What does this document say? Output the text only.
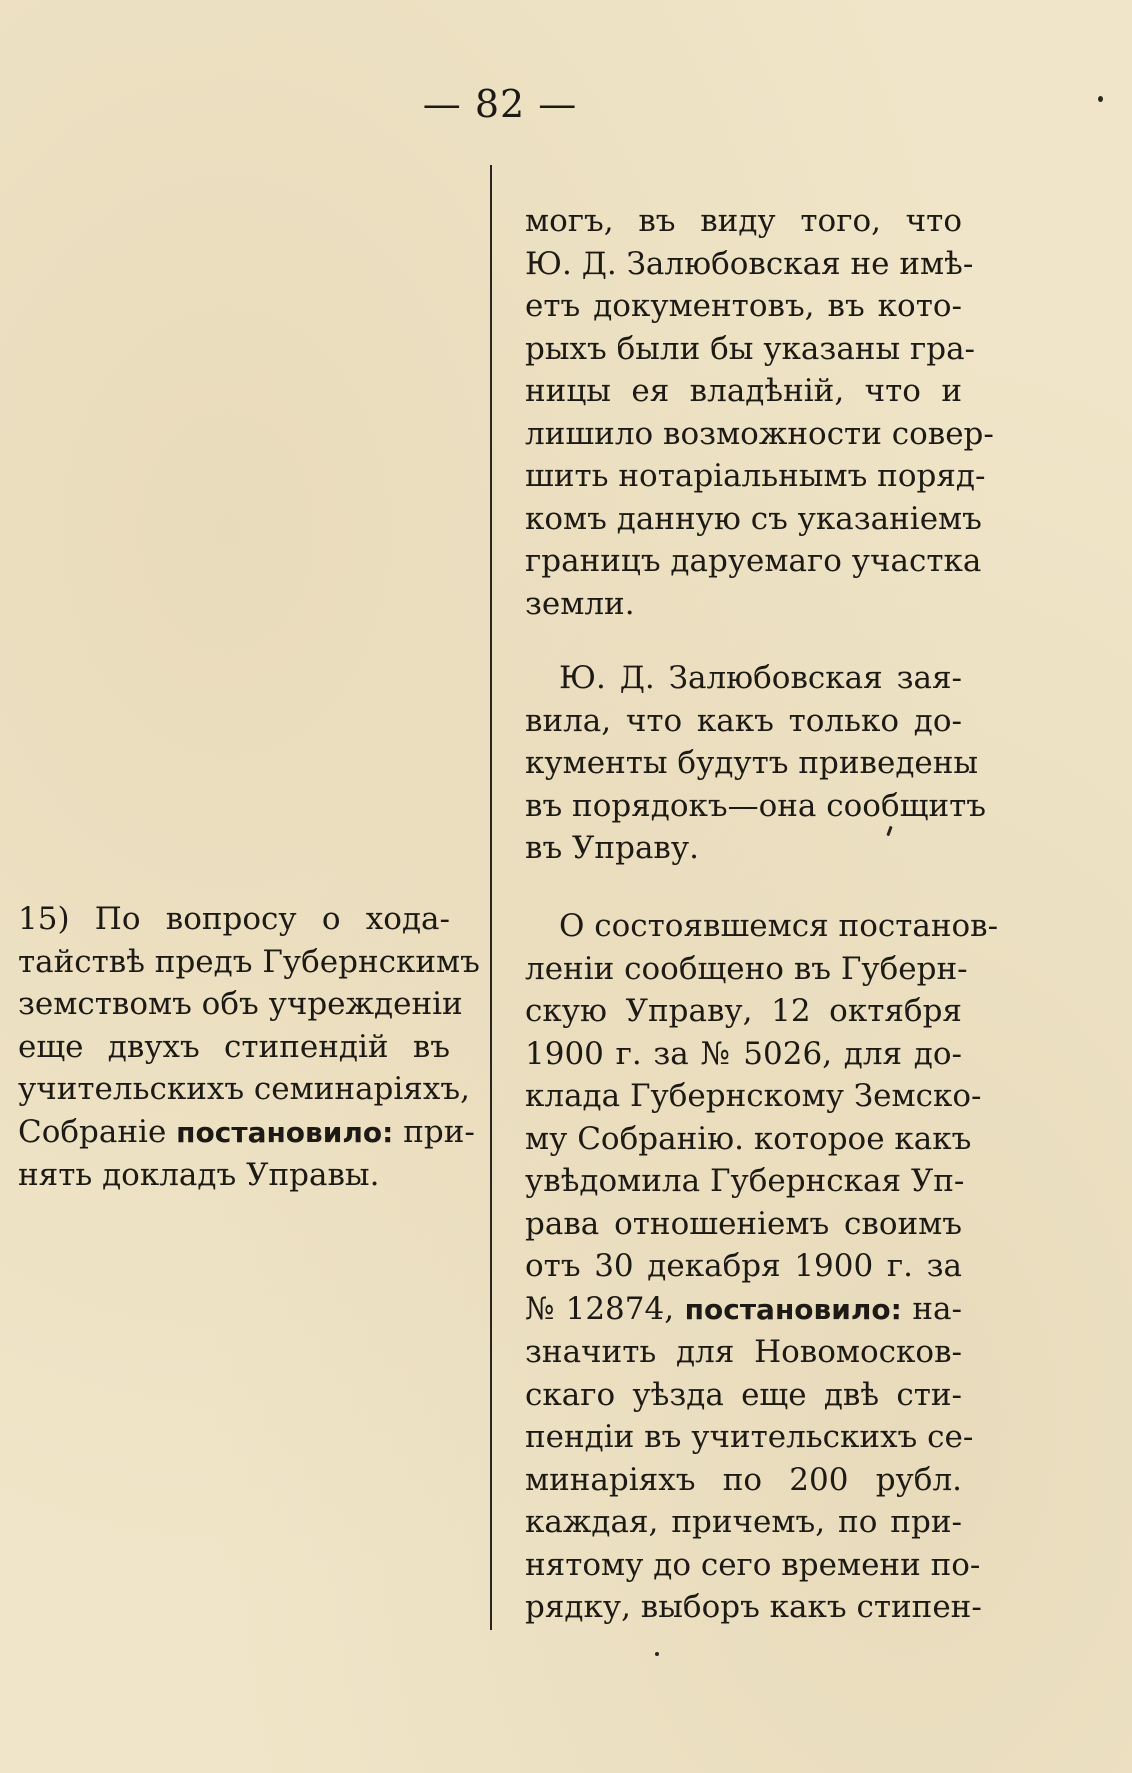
— 82 —
15) По вопросу о хода-
тайствѣ предъ Губернскимъ
земствомъ объ учрежденіи
еще двухъ стипендій въ
учительскихъ семинаріяхъ,
Собраніе постановило: при-
нять докладъ Управы.
могъ, въ виду того, что
Ю. Д. Залюбовская не имѣ-
етъ документовъ, въ кото-
рыхъ были бы указаны гра-
ницы ея владѣній, что и
лишило возможности совер-
шить нотаріальнымъ поряд-
комъ данную съ указаніемъ
границъ даруемаго участка
земли.
Ю. Д. Залюбовская зая-
вила, что какъ только до-
кументы будутъ приведены
въ порядокъ—она сообщитъ
въ Управу.
О состоявшемся постанов-
леніи сообщено въ Губерн-
скую Управу, 12 октября
1900 г. за № 5026, для до-
клада Губернскому Земско-
му Собранію. которое какъ
увѣдомила Губернская Уп-
рава отношеніемъ своимъ
отъ 30 декабря 1900 г. за
№ 12874, постановило: на-
значить для Новомосков-
скаго уѣзда еще двѣ сти-
пендіи въ учительскихъ се-
минаріяхъ по 200 рубл.
каждая, причемъ, по при-
нятому до сего времени по-
рядку, выборъ какъ стипен-
